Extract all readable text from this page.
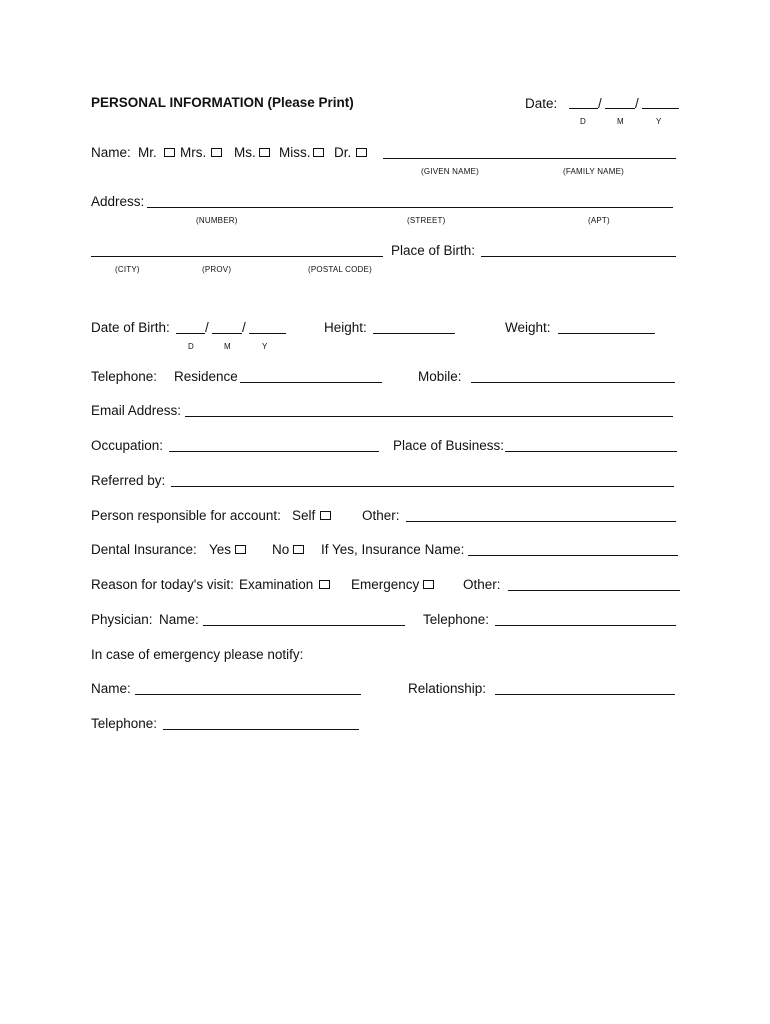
PERSONAL INFORMATION (Please Print)	Date:	/ /
D	M	Y
Name: Mr. Mrs. Ms. Miss. Dr.
(GIVEN NAME)	(FAMILY NAME)
Address:
(NUMBER)	(STREET)	(APT)
Place of Birth:
(CITY)	(PROV)	(POSTAL CODE)
Date of Birth:	/ /
D	M	Y
Height:	Weight:
Telephone: Residence	Mobile:
Email Address:
Occupation:	Place of Business:
Referred by:
Person responsible for account: Self	Other:
Dental Insurance: Yes	No If Yes, Insurance Name:
Reason for today's visit: Examination	Emergency	Other:
Physician: Name:	Telephone:
In case of emergency please notify:
Name:	Relationship:
Telephone:
